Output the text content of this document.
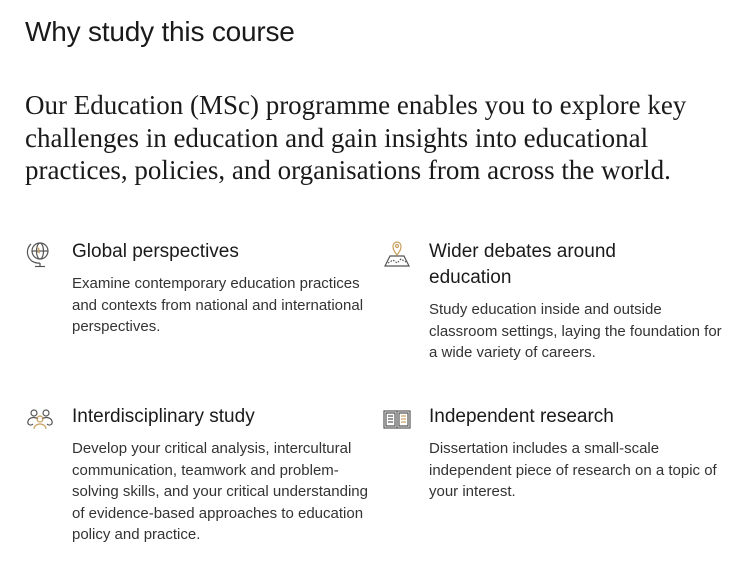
Why study this course

Our Education (MSc) programme enables you to explore key challenges in education and gain insights into educational practices, policies, and organisations from across the world.

Global perspectives

Examine contemporary education practices and contexts from national and international perspectives.

Wider debates around education

Study education inside and outside classroom settings, laying the foundation for a wide variety of careers.

Interdisciplinary study

Develop your critical analysis, intercultural communication, teamwork and problem-solving skills, and your critical understanding of evidence-based approaches to education policy and practice.

Independent research

Dissertation includes a small-scale independent piece of research on a topic of your interest.
